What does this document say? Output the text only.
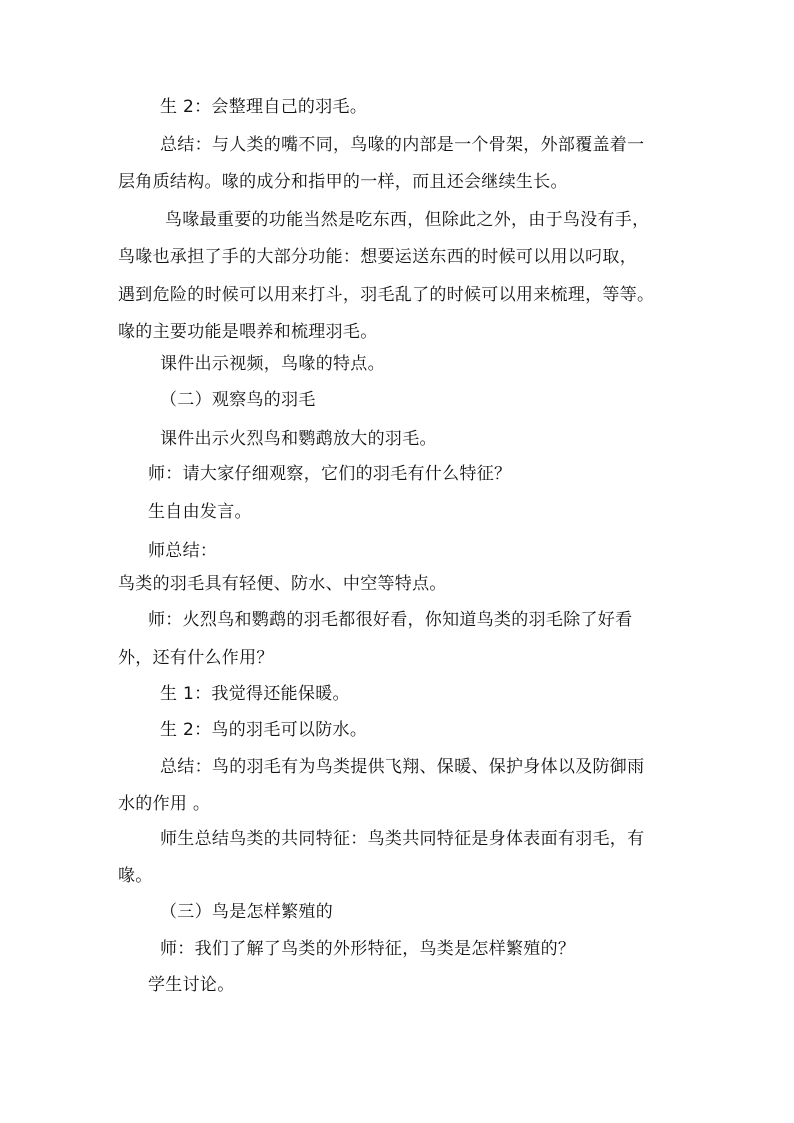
生 2：会整理自己的羽毛。
总结：与人类的嘴不同，鸟喙的内部是一个骨架，外部覆盖着一
层角质结构。喙的成分和指甲的一样，而且还会继续生长。
鸟喙最重要的功能当然是吃东西，但除此之外，由于鸟没有手，
鸟喙也承担了手的大部分功能：想要运送东西的时候可以用以叼取，
遇到危险的时候可以用来打斗，羽毛乱了的时候可以用来梳理，等等。
喙的主要功能是喂养和梳理羽毛。
课件出示视频，鸟喙的特点。
（二）观察鸟的羽毛
课件出示火烈鸟和鹦鹉放大的羽毛。
师：请大家仔细观察，它们的羽毛有什么特征？
生自由发言。
师总结：
鸟类的羽毛具有轻便、防水、中空等特点。
师：火烈鸟和鹦鹉的羽毛都很好看，你知道鸟类的羽毛除了好看
外，还有什么作用？
生 1：我觉得还能保暖。
生 2：鸟的羽毛可以防水。
总结：鸟的羽毛有为鸟类提供飞翔、保暖、保护身体以及防御雨
水的作用 。
师生总结鸟类的共同特征：鸟类共同特征是身体表面有羽毛，有
喙。
（三）鸟是怎样繁殖的
师：我们了解了鸟类的外形特征，鸟类是怎样繁殖的？
学生讨论。
